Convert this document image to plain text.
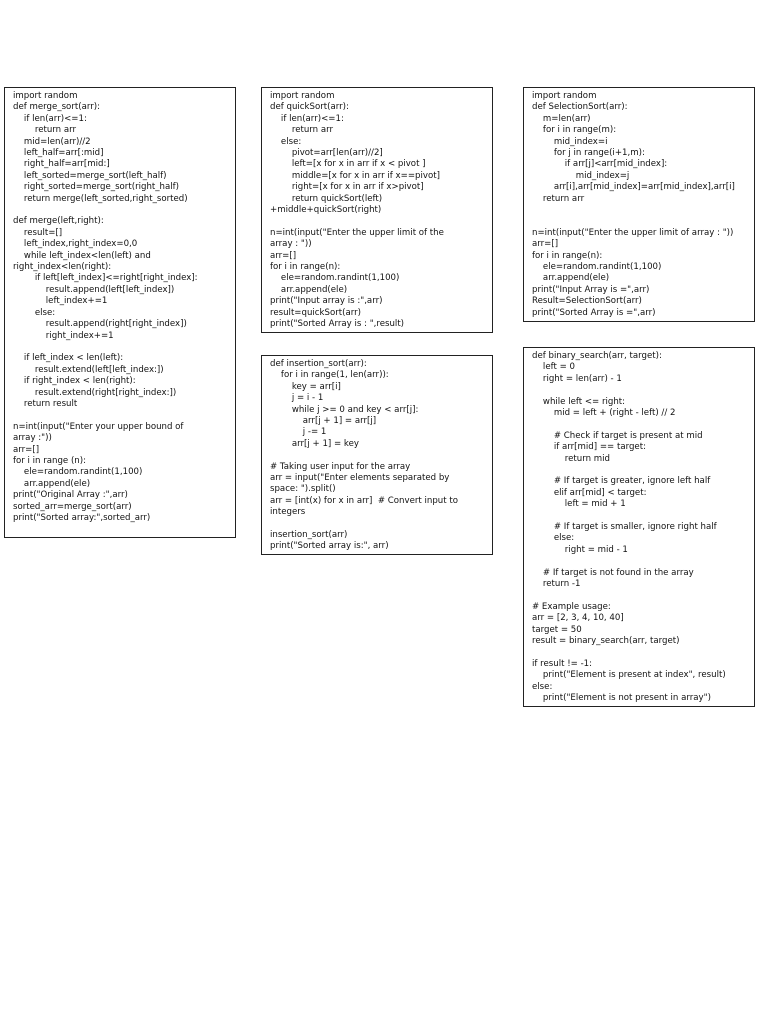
import random
def merge_sort(arr):
if len(arr)<=1:
return arr
mid=len(arr)//2
left_half=arr[:mid]
right_half=arr[mid:]
left_sorted=merge_sort(left_half)
right_sorted=merge_sort(right_half)
return merge(left_sorted,right_sorted)
def merge(left,right):
result=[]
left_index,right_index=0,0
while left_index<len(left) and
right_index<len(right):
if left[left_index]<=right[right_index]:
result.append(left[left_index])
left_index+=1
else:
result.append(right[right_index])
right_index+=1
if left_index < len(left):
result.extend(left[left_index:])
if right_index < len(right):
result.extend(right[right_index:])
return result
n=int(input("Enter your upper bound of
array :"))
arr=[]
for i in range (n):
ele=random.randint(1,100)
arr.append(ele)
print("Original Array :",arr)
sorted_arr=merge_sort(arr)
print("Sorted array:",sorted_arr)
import random
def quickSort(arr):
if len(arr)<=1:
return arr
else:
pivot=arr[len(arr)//2]
left=[x for x in arr if x < pivot ]
middle=[x for x in arr if x==pivot]
right=[x for x in arr if x>pivot]
return quickSort(left)
+middle+quickSort(right)
n=int(input("Enter the upper limit of the
array : "))
arr=[]
for i in range(n):
ele=random.randint(1,100)
arr.append(ele)
print("Input array is :",arr)
result=quickSort(arr)
print("Sorted Array is : ",result)
import random
def SelectionSort(arr):
m=len(arr)
for i in range(m):
mid_index=i
for j in range(i+1,m):
if arr[j]<arr[mid_index]:
mid_index=j
arr[i],arr[mid_index]=arr[mid_index],arr[i]
return arr
n=int(input("Enter the upper limit of array : "))
arr=[]
for i in range(n):
ele=random.randint(1,100)
arr.append(ele)
print("Input Array is =",arr)
Result=SelectionSort(arr)
print("Sorted Array is =",arr)
def insertion_sort(arr):
for i in range(1, len(arr)):
key = arr[i]
j = i - 1
while j >= 0 and key < arr[j]:
arr[j + 1] = arr[j]
j -= 1
arr[j + 1] = key
# Taking user input for the array
arr = input("Enter elements separated by
space: ").split()
arr = [int(x) for x in arr]  # Convert input to
integers
insertion_sort(arr)
print("Sorted array is:", arr)
def binary_search(arr, target):
left = 0
right = len(arr) - 1
while left <= right:
mid = left + (right - left) // 2
# Check if target is present at mid
if arr[mid] == target:
return mid
# If target is greater, ignore left half
elif arr[mid] < target:
left = mid + 1
# If target is smaller, ignore right half
else:
right = mid - 1
# If target is not found in the array
return -1
# Example usage:
arr = [2, 3, 4, 10, 40]
target = 50
result = binary_search(arr, target)
if result != -1:
print("Element is present at index", result)
else:
print("Element is not present in array")
